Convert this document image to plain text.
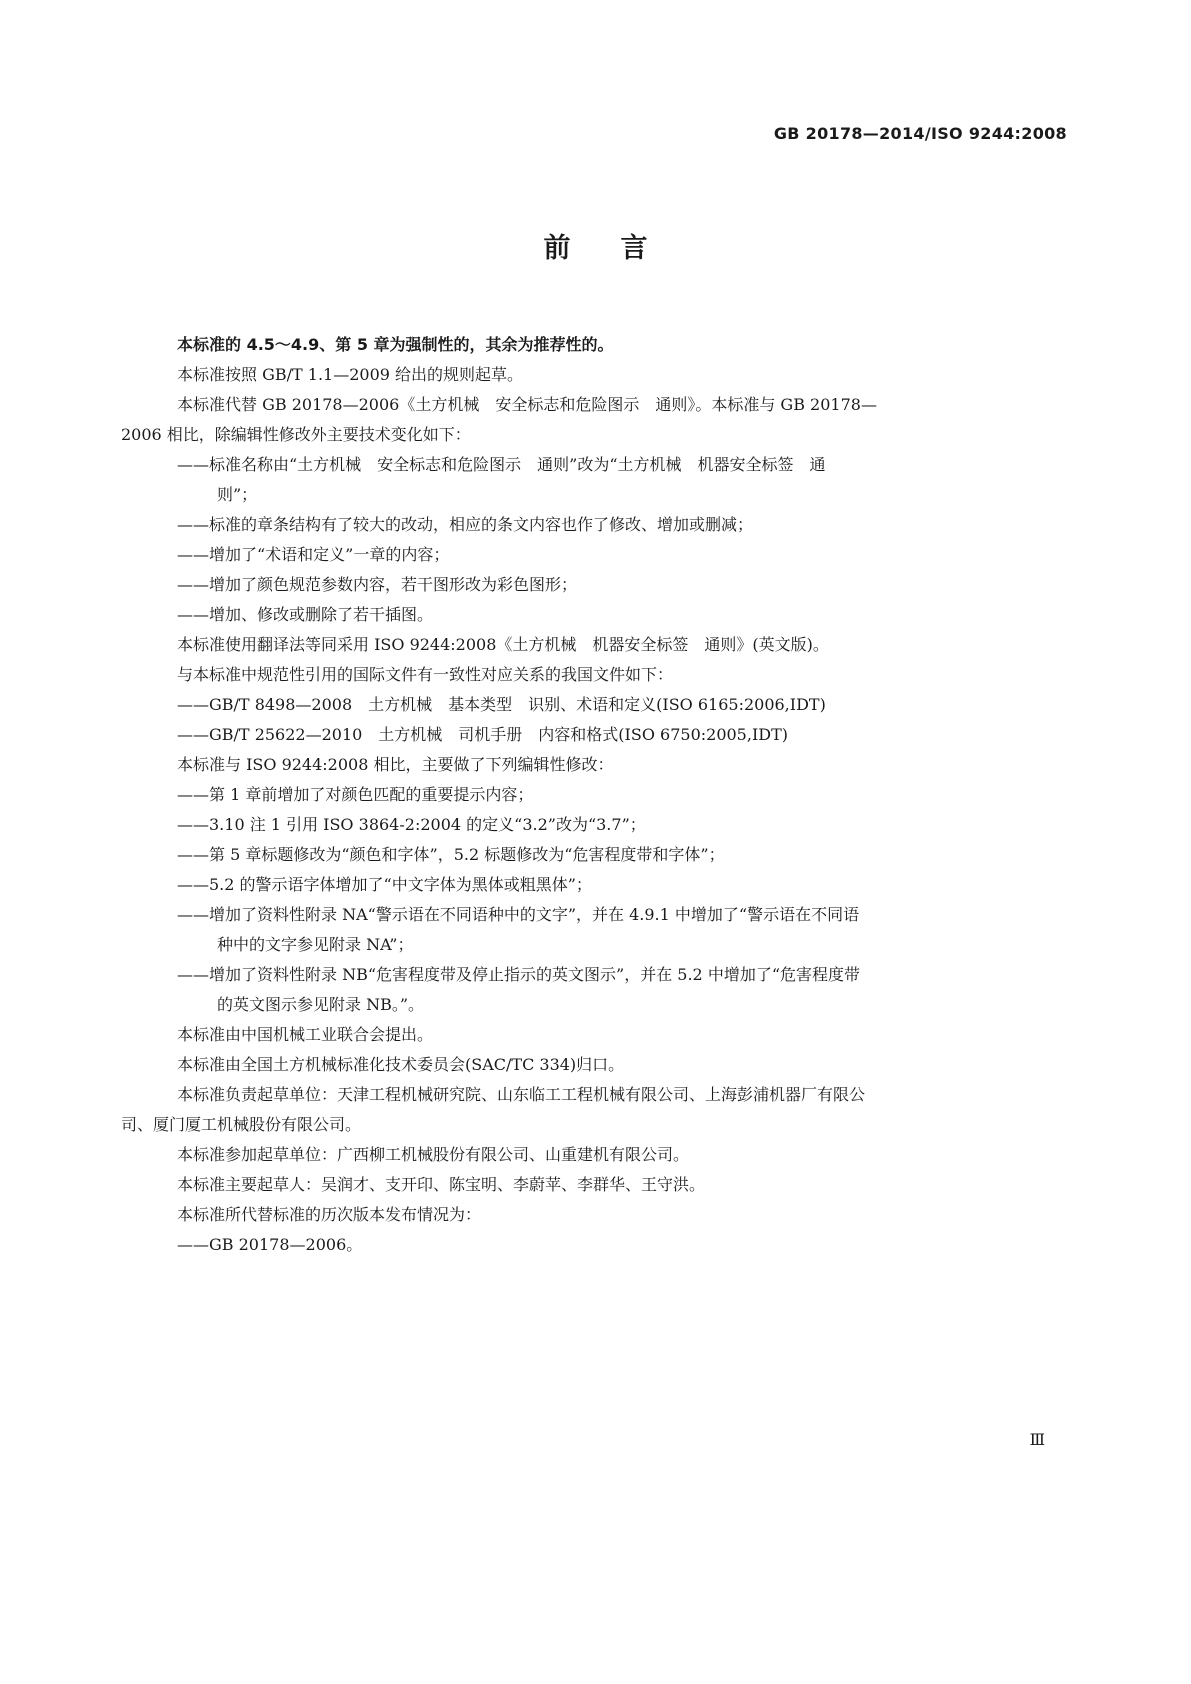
GB 20178—2014/ISO 9244:2008
前言
本标准的 4.5～4.9、第 5 章为强制性的，其余为推荐性的。
本标准按照 GB/T 1.1—2009 给出的规则起草。
本标准代替 GB 20178—2006《土方机械　安全标志和危险图示　通则》。本标准与 GB 20178—
2006 相比，除编辑性修改外主要技术变化如下：
——标准名称由“土方机械　安全标志和危险图示　通则”改为“土方机械　机器安全标签　通
则”；
——标准的章条结构有了较大的改动，相应的条文内容也作了修改、增加或删减；
——增加了“术语和定义”一章的内容；
——增加了颜色规范参数内容，若干图形改为彩色图形；
——增加、修改或删除了若干插图。
本标准使用翻译法等同采用 ISO 9244:2008《土方机械　机器安全标签　通则》(英文版)。
与本标准中规范性引用的国际文件有一致性对应关系的我国文件如下：
——GB/T 8498—2008　土方机械　基本类型　识别、术语和定义(ISO 6165:2006,IDT)
——GB/T 25622—2010　土方机械　司机手册　内容和格式(ISO 6750:2005,IDT)
本标准与 ISO 9244:2008 相比，主要做了下列编辑性修改：
——第 1 章前增加了对颜色匹配的重要提示内容；
——3.10 注 1 引用 ISO 3864-2:2004 的定义“3.2”改为“3.7”；
——第 5 章标题修改为“颜色和字体”，5.2 标题修改为“危害程度带和字体”；
——5.2 的警示语字体增加了“中文字体为黑体或粗黑体”；
——增加了资料性附录 NA“警示语在不同语种中的文字”，并在 4.9.1 中增加了“警示语在不同语
种中的文字参见附录 NA”；
——增加了资料性附录 NB“危害程度带及停止指示的英文图示”，并在 5.2 中增加了“危害程度带
的英文图示参见附录 NB。”。
本标准由中国机械工业联合会提出。
本标准由全国土方机械标准化技术委员会(SAC/TC 334)归口。
本标准负责起草单位：天津工程机械研究院、山东临工工程机械有限公司、上海彭浦机器厂有限公
司、厦门厦工机械股份有限公司。
本标准参加起草单位：广西柳工机械股份有限公司、山重建机有限公司。
本标准主要起草人：吴润才、支开印、陈宝明、李蔚苹、李群华、王守洪。
本标准所代替标准的历次版本发布情况为：
——GB 20178—2006。
Ⅲ
